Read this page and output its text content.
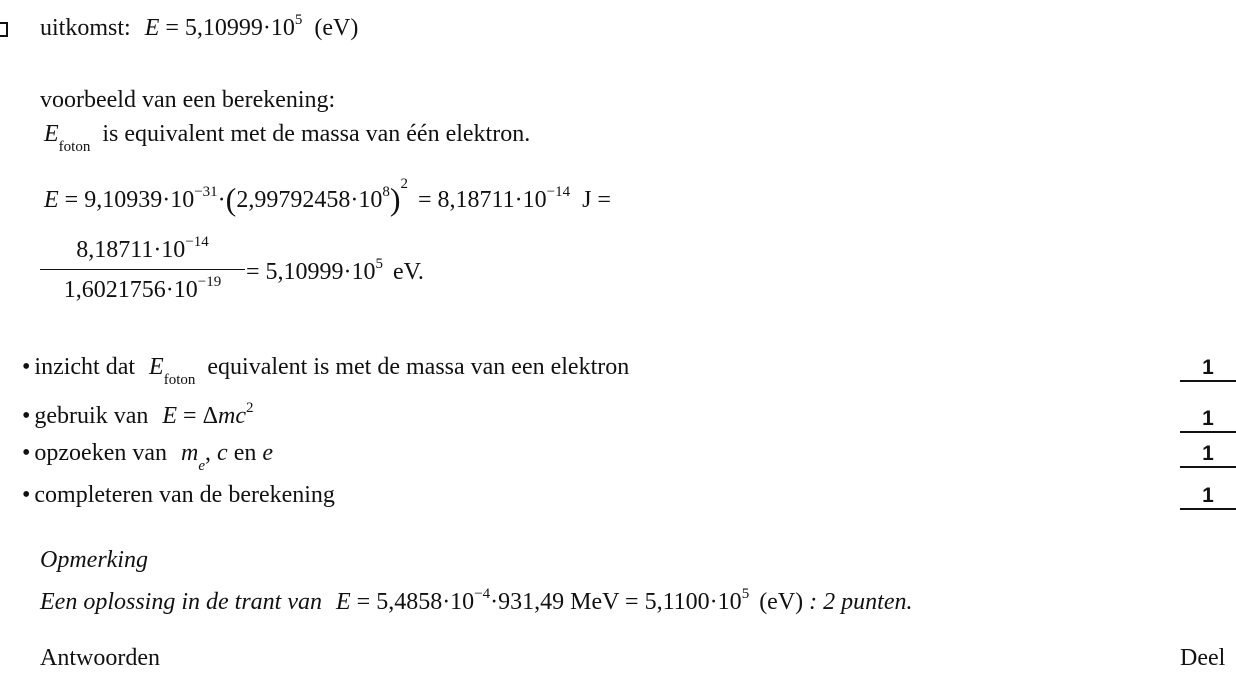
uitkomst: $E = 5,10999\cdot 10^5$ (eV)
voorbeeld van een berekening:
$E_{foton}$ is equivalent met de massa van één elektron.
$E = 9,10939\cdot 10^{-31}\cdot(2,99792458\cdot 10^8)^2 = 8,18711\cdot 10^{-14}$ J =
$8,18711\cdot 10^{-14}$
$1,6021756\cdot 10^{-19}$	= $5,10999\cdot 10^5$ eV.
• inzicht dat $E_{foton}$ equivalent is met de massa van een elektron	1
• gebruik van E = Δmc$^2$	1
• opzoeken van $m_e$, c en e	1
• completeren van de berekening	1
Opmerking
Een oplossing in de trant van $E = 5,4858\cdot 10^{-4}\cdot 931,49$ MeV = $5,1100\cdot 10^5$ (eV) : 2 punten.
Antwoorden	Deel
